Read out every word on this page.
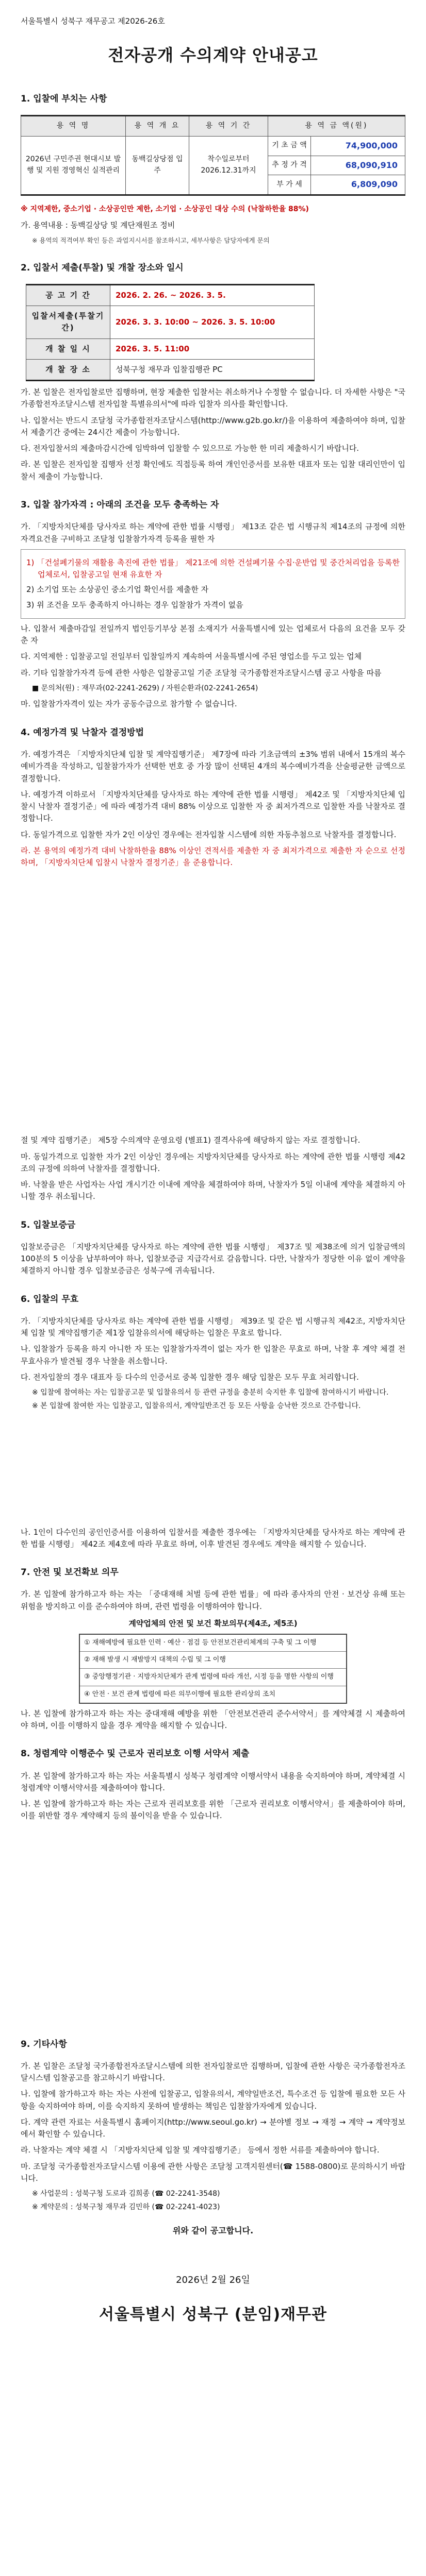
서울특별시 성북구 재무공고 제2026-26호
전자공개 수의계약 안내공고
1. 입찰에 부치는 사항
용 역 명	용 역 개 요	용 역 기 간	용 역 금 액(원)	
2026년 구민주권 현대시보 발행 및 지원 경영혁신 실적관리	동백길상당점 입주	착수일로부터 2026.12.31까지	기 초 금 액	74,900,000
			추 정 가 격	68,090,910
			부 가 세	6,809,090
※ 지역제한, 중소기업 · 소상공인만 제한, 소기업 · 소상공인 대상 수의 (낙찰하한율 88%)
가. 용역내용 : 동백길상당 및 계단재원조 정비
※ 용역의 적격여부 확인 등은 과업지시서를 참조하시고, 세부사항은 담당자에게 문의
2. 입찰서 제출(투찰) 및 개찰 장소와 일시
공 고 기 간	2026. 2. 26. ~ 2026. 3. 5.
입찰서제출(투찰기간)	2026. 3. 3. 10:00 ~ 2026. 3. 5. 10:00
개 찰 일 시	2026. 3. 5. 11:00
개 찰 장 소	성북구청 재무과 입찰집행관 PC
가. 본 입찰은 전자입찰로만 집행하며, 현장 제출한 입찰서는 취소하거나 수정할 수 없습니다. 더 자세한 사항은 "국가종합전자조달시스템 전자입찰 특별유의서"에 따라 입찰자 의사를 확인합니다.
나. 입찰서는 반드시 조달청 국가종합전자조달시스템(http://www.g2b.go.kr/)을 이용하여 제출하여야 하며, 입찰서 제출기간 중에는 24시간 제출이 가능합니다.
다. 전자입찰서의 제출마감시간에 임박하여 입찰할 수 있으므로 가능한 한 미리 제출하시기 바랍니다.
라. 본 입찰은 전자입찰 집행자 선정 확인에도 직접등록 하여 개인인증서를 보유한 대표자 또는 입찰 대리인만이 입찰서 제출이 가능합니다.
3. 입찰 참가자격 : 아래의 조건을 모두 충족하는 자
가. 「지방자치단체를 당사자로 하는 계약에 관한 법률 시행령」 제13조 같은 법 시행규칙 제14조의 규정에 의한 자격요건을 구비하고 조달청 입찰참가자격 등록을 필한 자
1) 「건설폐기물의 재활용 촉진에 관한 법률」 제21조에 의한 건설폐기물 수집·운반업 및 중간처리업을 등록한 업체로서, 입찰공고일 현재 유효한 자
2) 소기업 또는 소상공인 중소기업 확인서를 제출한 자
3) 위 조건을 모두 충족하지 아니하는 경우 입찰참가 자격이 없음
나. 입찰서 제출마감일 전일까지 법인등기부상 본점 소재지가 서울특별시에 있는 업체로서 다음의 요건을 모두 갖춘 자
다. 지역제한 : 입찰공고일 전일부터 입찰일까지 계속하여 서울특별시에 주된 영업소를 두고 있는 업체
라. 기타 입찰참가자격 등에 관한 사항은 입찰공고일 기준 조달청 국가종합전자조달시스템 공고 사항을 따름
■ 문의처(원) : 재무과(02-2241-2629) / 자원순환과(02-2241-2654)
마. 입찰참가자격이 있는 자가 공동수급으로 참가할 수 없습니다.
4. 예정가격 및 낙찰자 결정방법
가. 예정가격은 「지방자치단체 입찰 및 계약집행기준」 제7장에 따라 기초금액의 ±3% 범위 내에서 15개의 복수예비가격을 작성하고, 입찰참가자가 선택한 번호 중 가장 많이 선택된 4개의 복수예비가격을 산술평균한 금액으로 결정합니다.
나. 예정가격 이하로서 「지방자치단체를 당사자로 하는 계약에 관한 법률 시행령」 제42조 및 「지방자치단체 입찰시 낙찰자 결정기준」에 따라 예정가격 대비 88% 이상으로 입찰한 자 중 최저가격으로 입찰한 자를 낙찰자로 결정합니다.
다. 동일가격으로 입찰한 자가 2인 이상인 경우에는 전자입찰 시스템에 의한 자동추첨으로 낙찰자를 결정합니다.
라. 본 용역의 예정가격 대비 낙찰하한율 88% 이상인 견적서를 제출한 자 중 최저가격으로 제출한 자 순으로 선정하며, 「지방자치단체 입찰시 낙찰자 결정기준」을 준용합니다.
절 및 계약 집행기준」 제5장 수의계약 운영요령 (별표1) 결격사유에 해당하지 않는 자로 결정합니다.
마. 동일가격으로 입찰한 자가 2인 이상인 경우에는 지방자치단체를 당사자로 하는 계약에 관한 법률 시행령 제42조의 규정에 의하여 낙찰자를 결정합니다.
바. 낙찰을 받은 사업자는 사업 개시기간 이내에 계약을 체결하여야 하며, 낙찰자가 5일 이내에 계약을 체결하지 아니할 경우 취소됩니다.
5. 입찰보증금
입찰보증금은 「지방자치단체를 당사자로 하는 계약에 관한 법률 시행령」 제37조 및 제38조에 의거 입찰금액의 100분의 5 이상을 납부하여야 하나, 입찰보증금 지급각서로 갈음합니다. 다만, 낙찰자가 정당한 이유 없이 계약을 체결하지 아니할 경우 입찰보증금은 성북구에 귀속됩니다.
6. 입찰의 무효
가. 「지방자치단체를 당사자로 하는 계약에 관한 법률 시행령」 제39조 및 같은 법 시행규칙 제42조, 지방자치단체 입찰 및 계약집행기준 제1장 입찰유의서에 해당하는 입찰은 무효로 합니다.
나. 입찰참가 등록을 하지 아니한 자 또는 입찰참가자격이 없는 자가 한 입찰은 무효로 하며, 낙찰 후 계약 체결 전 무효사유가 발견될 경우 낙찰을 취소합니다.
다. 전자입찰의 경우 대표자 등 다수의 인증서로 중복 입찰한 경우 해당 입찰은 모두 무효 처리합니다.
※ 입찰에 참여하는 자는 입찰공고문 및 입찰유의서 등 관련 규정을 충분히 숙지한 후 입찰에 참여하시기 바랍니다.
※ 본 입찰에 참여한 자는 입찰공고, 입찰유의서, 계약일반조건 등 모든 사항을 승낙한 것으로 간주합니다.
나. 1인이 다수인의 공인인증서를 이용하여 입찰서를 제출한 경우에는 「지방자치단체를 당사자로 하는 계약에 관한 법률 시행령」 제42조 제4호에 따라 무효로 하며, 이후 발견된 경우에도 계약을 해지할 수 있습니다.
7. 안전 및 보건확보 의무
가. 본 입찰에 참가하고자 하는 자는 「중대재해 처벌 등에 관한 법률」에 따라 종사자의 안전 · 보건상 유해 또는 위험을 방지하고 이를 준수하여야 하며, 관련 법령을 이행하여야 합니다.
계약업체의 안전 및 보건 확보의무(제4조, 제5조)
① 재해예방에 필요한 인력 · 예산 · 점검 등 안전보건관리체계의 구축 및 그 이행
② 재해 발생 시 재발방지 대책의 수립 및 그 이행
③ 중앙행정기관 · 지방자치단체가 관계 법령에 따라 개선, 시정 등을 명한 사항의 이행
④ 안전 · 보건 관계 법령에 따른 의무이행에 필요한 관리상의 조치
나. 본 입찰에 참가하고자 하는 자는 중대재해 예방을 위한 「안전보건관리 준수서약서」를 계약체결 시 제출하여야 하며, 이를 이행하지 않을 경우 계약을 해지할 수 있습니다.
8. 청렴계약 이행준수 및 근로자 권리보호 이행 서약서 제출
가. 본 입찰에 참가하고자 하는 자는 서울특별시 성북구 청렴계약 이행서약서 내용을 숙지하여야 하며, 계약체결 시 청렴계약 이행서약서를 제출하여야 합니다.
나. 본 입찰에 참가하고자 하는 자는 근로자 권리보호를 위한 「근로자 권리보호 이행서약서」를 제출하여야 하며, 이를 위반할 경우 계약해지 등의 불이익을 받을 수 있습니다.
9. 기타사항
가. 본 입찰은 조달청 국가종합전자조달시스템에 의한 전자입찰로만 집행하며, 입찰에 관한 사항은 국가종합전자조달시스템 입찰공고를 참고하시기 바랍니다.
나. 입찰에 참가하고자 하는 자는 사전에 입찰공고, 입찰유의서, 계약일반조건, 특수조건 등 입찰에 필요한 모든 사항을 숙지하여야 하며, 이를 숙지하지 못하여 발생하는 책임은 입찰참가자에게 있습니다.
다. 계약 관련 자료는 서울특별시 홈페이지(http://www.seoul.go.kr) → 분야별 정보 → 재정 → 계약 → 계약정보에서 확인할 수 있습니다.
라. 낙찰자는 계약 체결 시 「지방자치단체 입찰 및 계약집행기준」 등에서 정한 서류를 제출하여야 합니다.
마. 조달청 국가종합전자조달시스템 이용에 관한 사항은 조달청 고객지원센터(☎ 1588-0800)로 문의하시기 바랍니다.
※ 사업문의 : 성북구청 도로과 김희종 (☎ 02-2241-3548)
※ 계약문의 : 성북구청 재무과 김민하 (☎ 02-2241-4023)
위와 같이 공고합니다.
2026년 2월 26일
서울특별시 성북구 (분임)재무관
